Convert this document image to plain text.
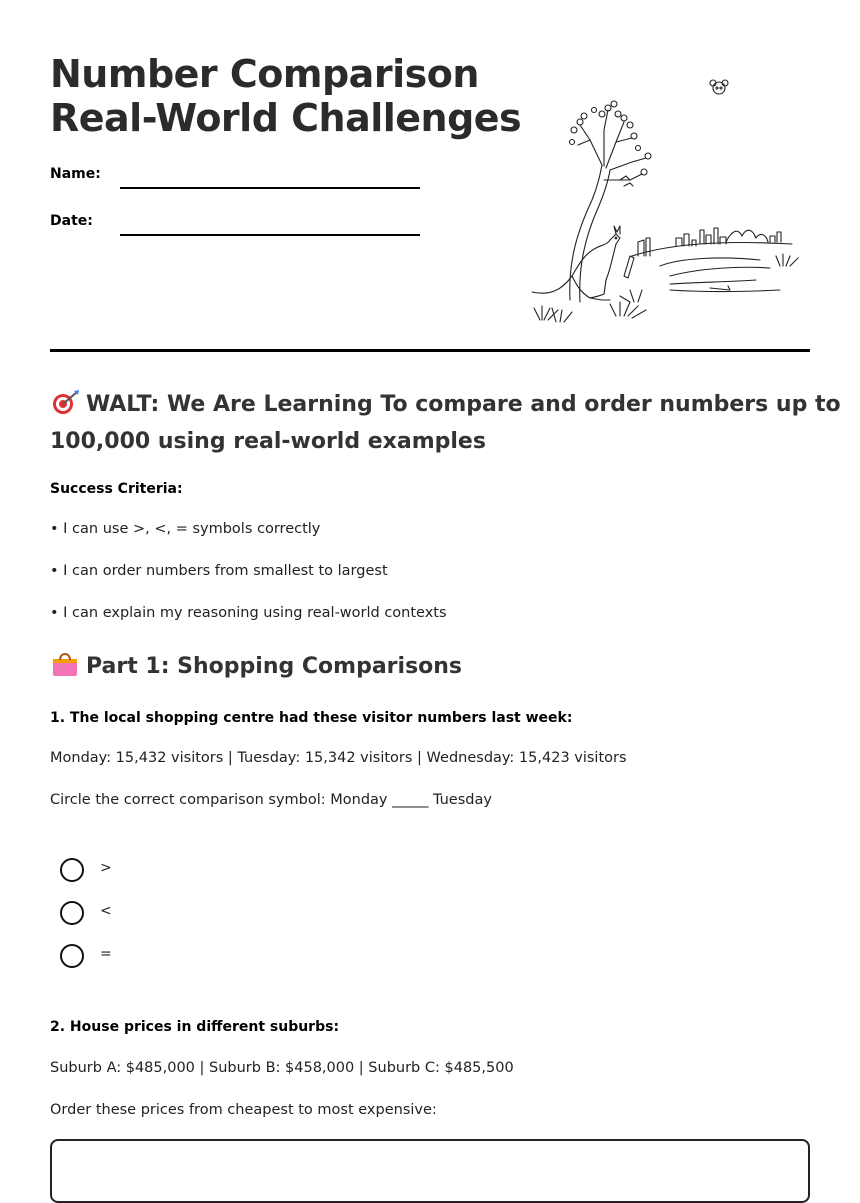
Number Comparison
Real-World Challenges
Name:
Date:
WALT: We Are Learning To compare and order numbers up to
100,000 using real-world examples

Success Criteria:

• I can use >, <, = symbols correctly

• I can order numbers from smallest to largest

• I can explain my reasoning using real-world contexts

Part 1: Shopping Comparisons

1. The local shopping centre had these visitor numbers last week:

Monday: 15,432 visitors | Tuesday: 15,342 visitors | Wednesday: 15,423 visitors

Circle the correct comparison symbol: Monday _____ Tuesday

>
<
=

2. House prices in different suburbs:

Suburb A: $485,000 | Suburb B: $458,000 | Suburb C: $485,500

Order these prices from cheapest to most expensive:
